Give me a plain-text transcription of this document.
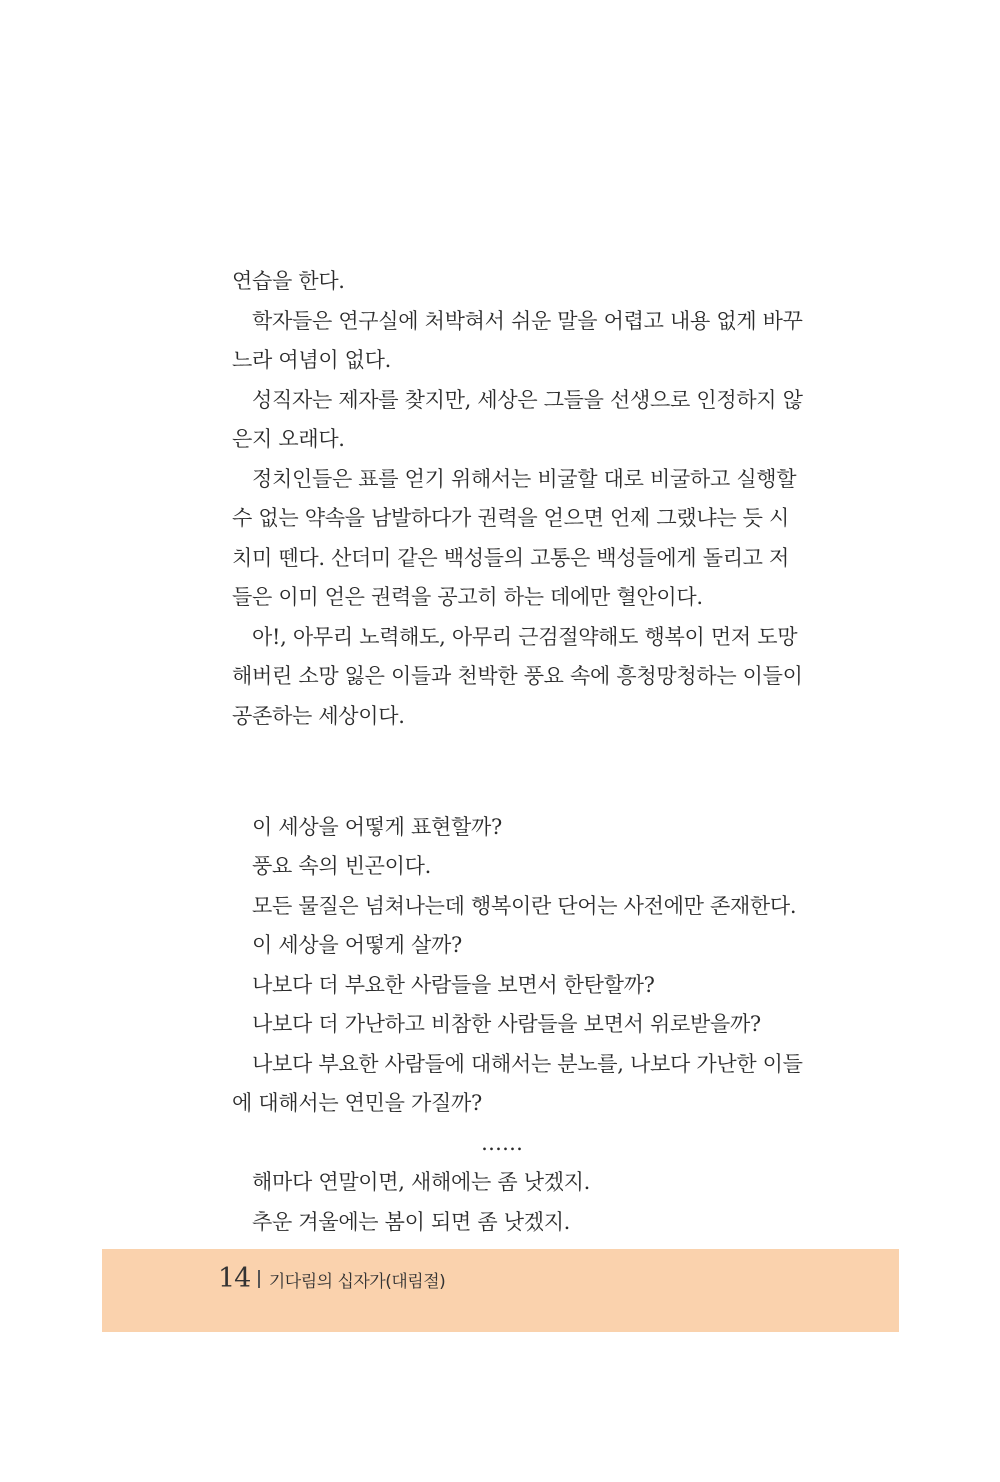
연습을 한다.

학자들은 연구실에 처박혀서 쉬운 말을 어렵고 내용 없게 바꾸

느라 여념이 없다.

성직자는 제자를 찾지만, 세상은 그들을 선생으로 인정하지 않

은지 오래다.

정치인들은 표를 얻기 위해서는 비굴할 대로 비굴하고 실행할

수 없는 약속을 남발하다가 권력을 얻으면 언제 그랬냐는 듯 시

치미 뗀다. 산더미 같은 백성들의 고통은 백성들에게 돌리고 저

들은 이미 얻은 권력을 공고히 하는 데에만 혈안이다.

아!, 아무리 노력해도, 아무리 근검절약해도 행복이 먼저 도망

해버린 소망 잃은 이들과 천박한 풍요 속에 흥청망청하는 이들이

공존하는 세상이다.

이 세상을 어떻게 표현할까?

풍요 속의 빈곤이다.

모든 물질은 넘쳐나는데 행복이란 단어는 사전에만 존재한다.

이 세상을 어떻게 살까?

나보다 더 부요한 사람들을 보면서 한탄할까?

나보다 더 가난하고 비참한 사람들을 보면서 위로받을까?

나보다 부요한 사람들에 대해서는 분노를, 나보다 가난한 이들

에 대해서는 연민을 가질까?

……

해마다 연말이면, 새해에는 좀 낫겠지.

추운 겨울에는 봄이 되면 좀 낫겠지.

14 기다림의 십자가(대림절)
